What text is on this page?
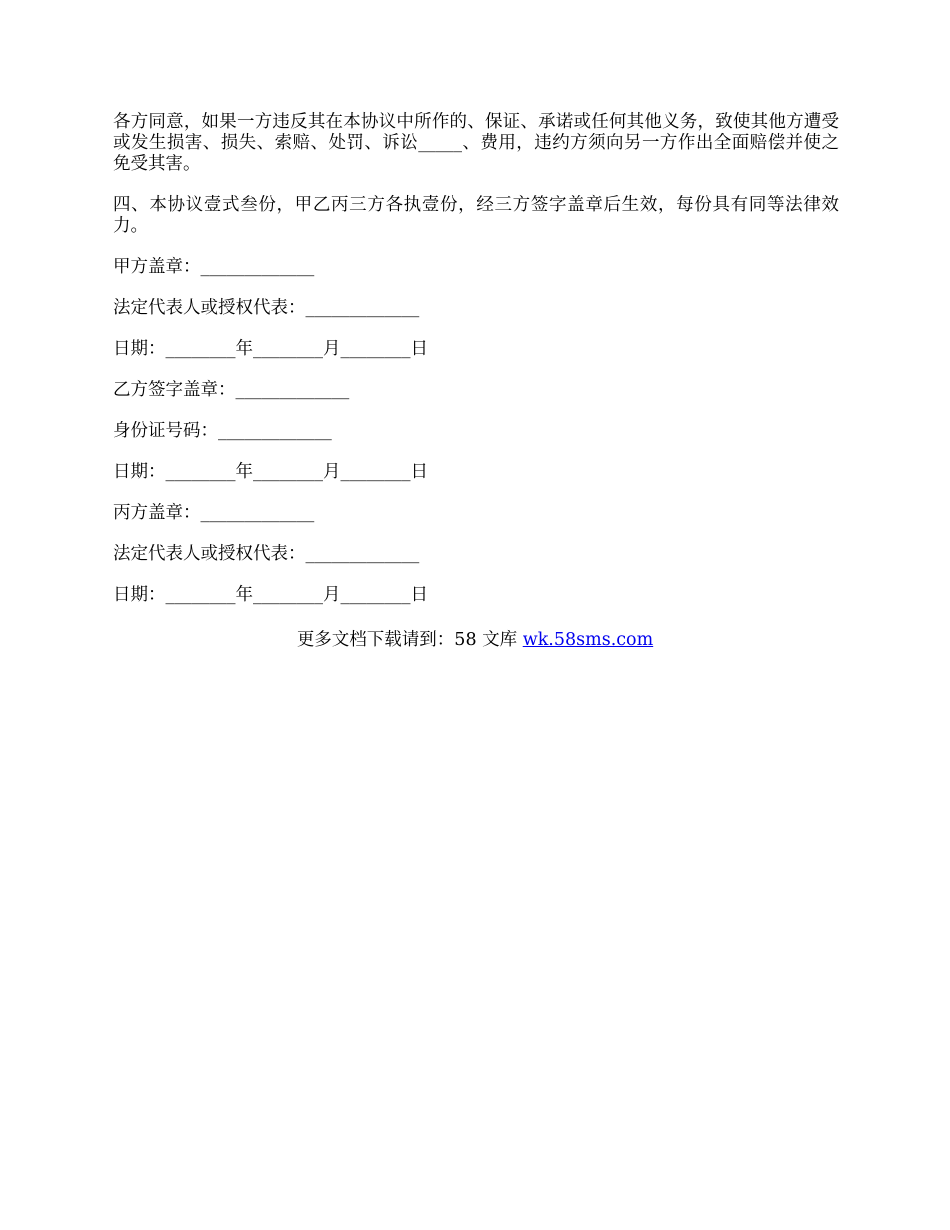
各方同意，如果一方违反其在本协议中所作的、保证、承诺或任何其他义务，致使其他方遭受或发生损害、损失、索赔、处罚、诉讼_____、费用，违约方须向另一方作出全面赔偿并使之免受其害。

四、本协议壹式叁份，甲乙丙三方各执壹份，经三方签字盖章后生效，每份具有同等法律效力。

甲方盖章：_____________
法定代表人或授权代表：_____________
日期：________年________月________日
乙方签字盖章：_____________
身份证号码：_____________
日期：________年________月________日
丙方盖章：_____________
法定代表人或授权代表：_____________
日期：________年________月________日
更多文档下载请到：58 文库 wk.58sms.com
